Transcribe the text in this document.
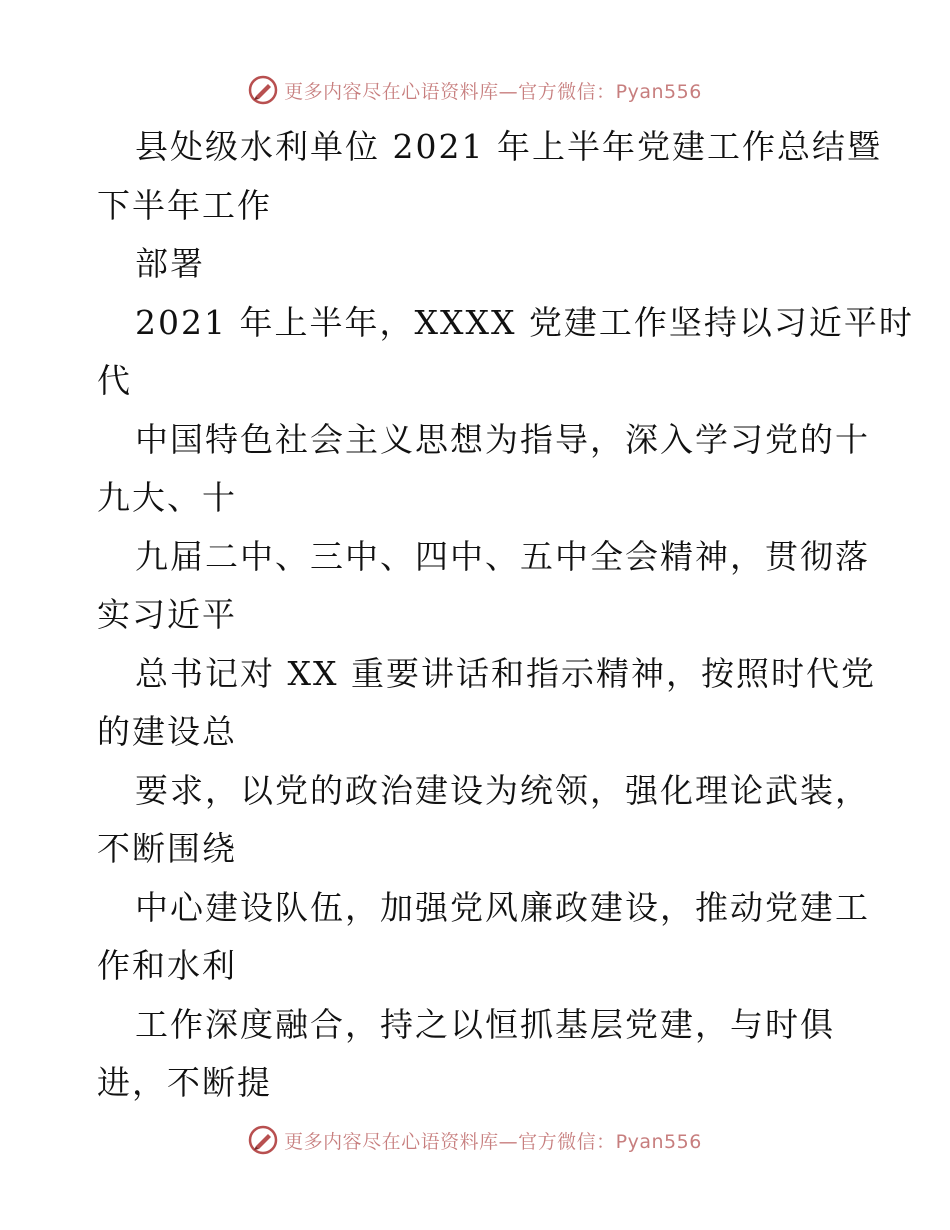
更多内容尽在心语资料库—官方微信：Pyan556
县处级水利单位 2021 年上半年党建工作总结暨
下半年工作
部署
2021 年上半年，XXXX 党建工作坚持以习近平时
代
中国特色社会主义思想为指导，深入学习党的十
九大、十
九届二中、三中、四中、五中全会精神，贯彻落
实习近平
总书记对 XX 重要讲话和指示精神，按照时代党
的建设总
要求，以党的政治建设为统领，强化理论武装，
不断围绕
中心建设队伍，加强党风廉政建设，推动党建工
作和水利
工作深度融合，持之以恒抓基层党建，与时俱
进，不断提
更多内容尽在心语资料库—官方微信：Pyan556
